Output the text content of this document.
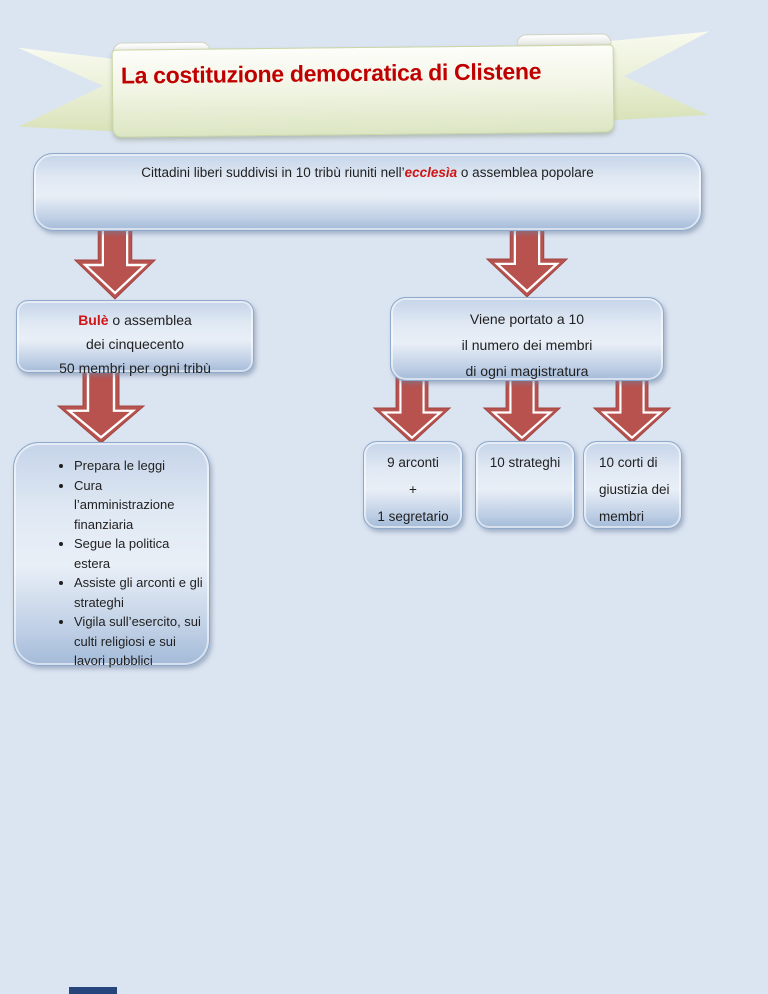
La costituzione democratica di Clistene
Cittadini liberi suddivisi in 10 tribù riuniti nell’ecclesìa o assemblea popolare
Bulè o assemblea
dei cinquecento
50 membri per ogni tribù
Viene portato a 10
il numero dei membri
di ogni magistratura
• Prepara le leggi
• Cura l’amministrazione finanziaria
• Segue la politica estera
• Assiste gli arconti e gli strateghi
• Vigila sull’esercito, sui culti religiosi e sui lavori pubblici
9 arconti
+
1 segretario
10 strateghi	10 corti di
giustizia dei
membri
